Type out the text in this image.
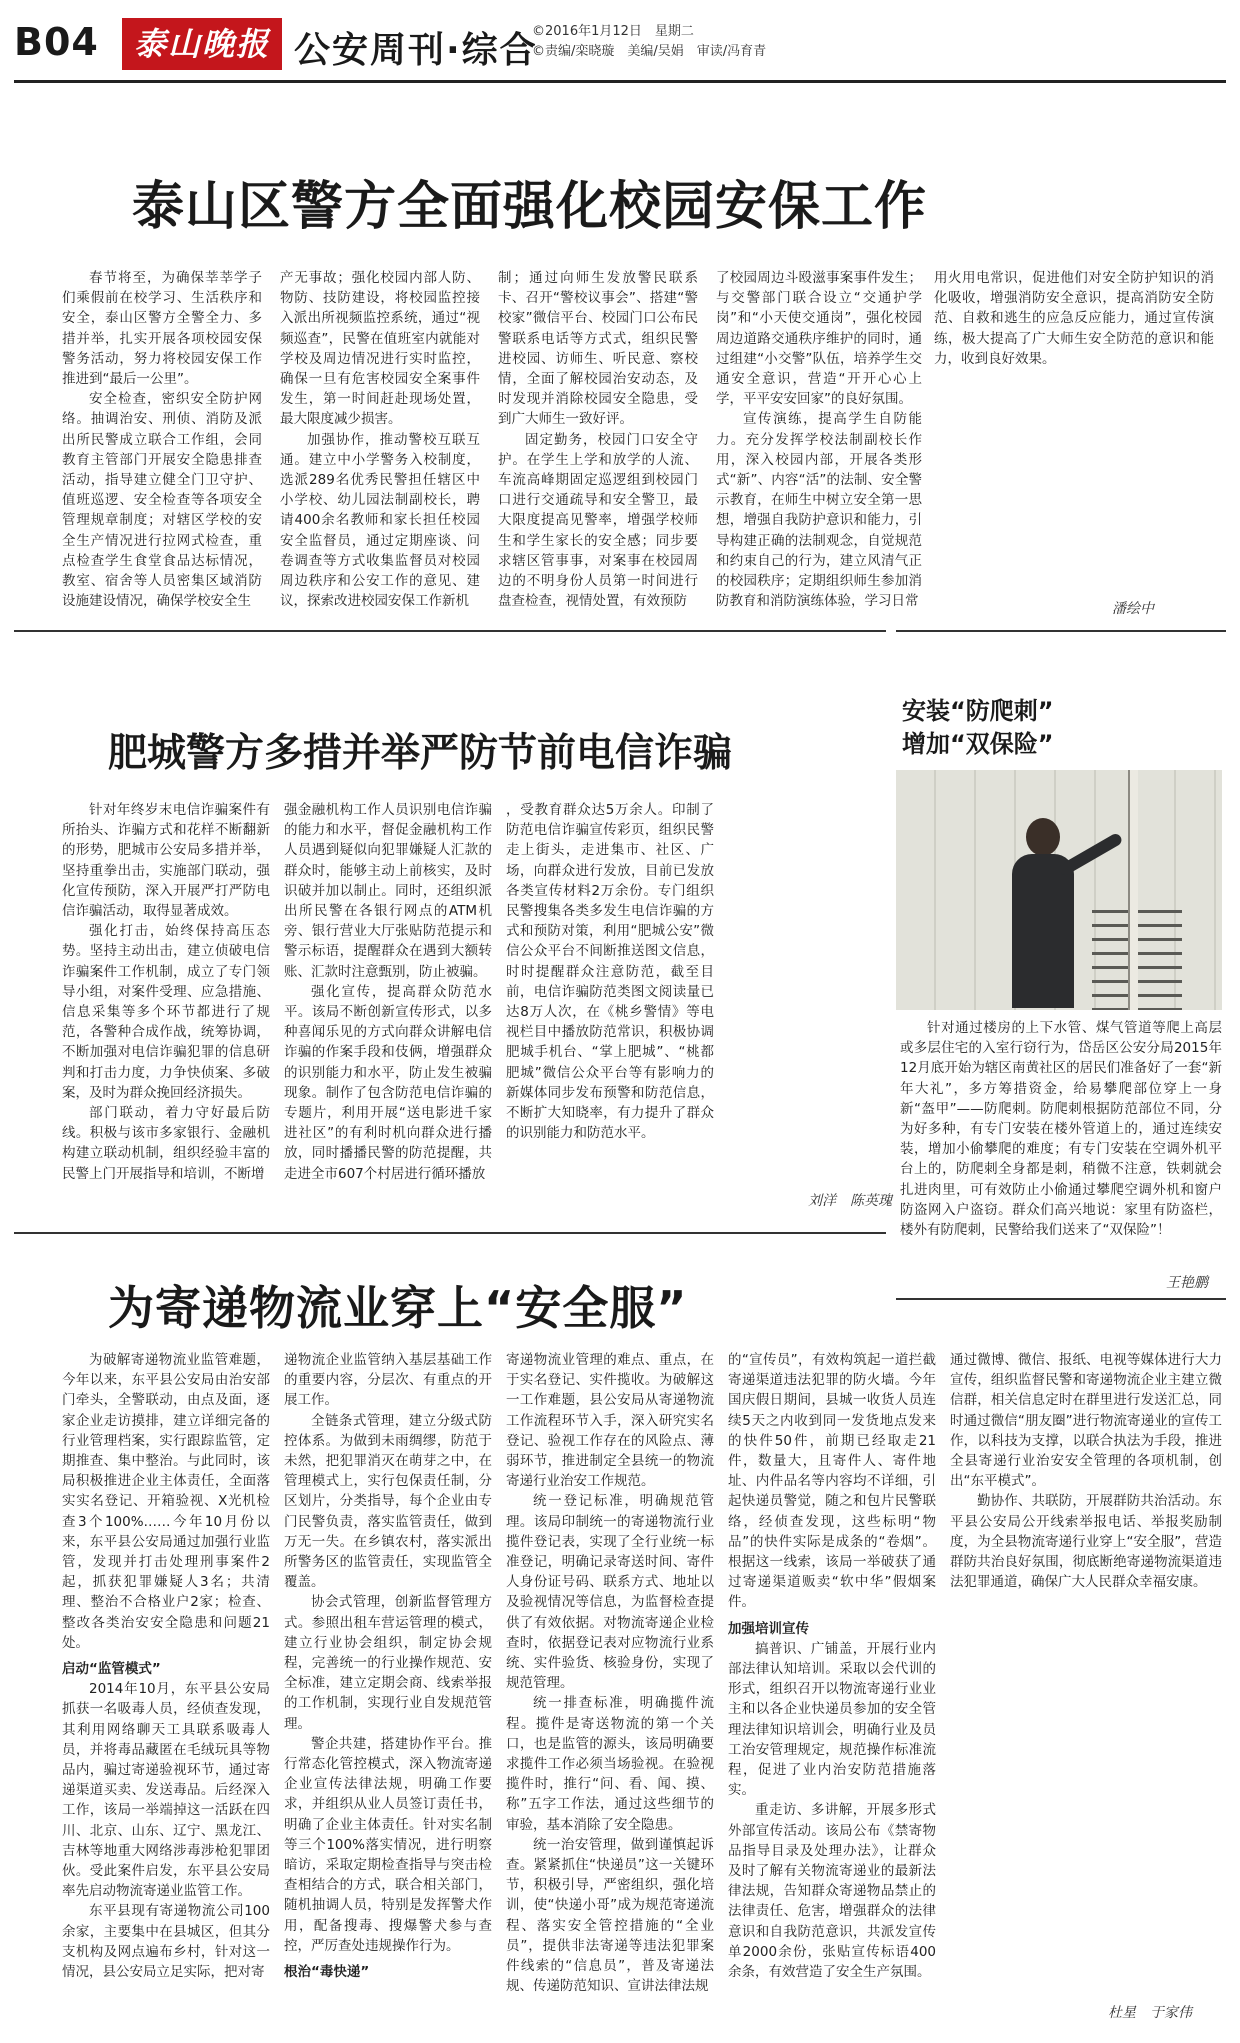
B04	泰山晚报 公安周刊·综合
©2016年1月12日　星期二
©责编/栾晓璇　美编/吴娟　审读/冯育青
泰山区警方全面强化校园安保工作

春节将至，为确保莘莘学子们乘假前在校学习、生活秩序和安全，泰山区警方全警全力、多措并举，扎实开展各项校园安保警务活动，努力将校园安保工作推进到“最后一公里”。

安全检查，密织安全防护网络。抽调治安、刑侦、消防及派出所民警成立联合工作组，会同教育主管部门开展安全隐患排查活动，指导建立健全门卫守护、值班巡逻、安全检查等各项安全管理规章制度；对辖区学校的安全生产情况进行拉网式检查，重点检查学生食堂食品达标情况，教室、宿舍等人员密集区域消防设施建设情况，确保学校安全生

产无事故；强化校园内部人防、物防、技防建设，将校园监控接入派出所视频监控系统，通过“视频巡查”，民警在值班室内就能对学校及周边情况进行实时监控，确保一旦有危害校园安全案事件发生，第一时间赶赴现场处置，最大限度减少损害。

加强协作，推动警校互联互通。建立中小学警务入校制度，选派289名优秀民警担任辖区中小学校、幼儿园法制副校长，聘请400余名教师和家长担任校园安全监督员，通过定期座谈、问卷调查等方式收集监督员对校园周边秩序和公安工作的意见、建议，探索改进校园安保工作新机

制；通过向师生发放警民联系卡、召开“警校议事会”、搭建“警校家”微信平台、校园门口公布民警联系电话等方式式，组织民警进校园、访师生、听民意、察校情，全面了解校园治安动态，及时发现并消除校园安全隐患，受到广大师生一致好评。

固定勤务，校园门口安全守护。在学生上学和放学的人流、车流高峰期固定巡逻组到校园门口进行交通疏导和安全警卫，最大限度提高见警率，增强学校师生和学生家长的安全感；同步要求辖区管事事，对案事在校园周边的不明身份人员第一时间进行盘查检查，视情处置，有效预防

了校园周边斗殴滋事案事件发生；与交警部门联合设立“交通护学岗”和“小天使交通岗”，强化校园周边道路交通秩序维护的同时，通过组建“小交警”队伍，培养学生交通安全意识，营造“开开心心上学，平平安安回家”的良好氛围。

宣传演练，提高学生自防能力。充分发挥学校法制副校长作用，深入校园内部，开展各类形式“新”、内容“活”的法制、安全警示教育，在师生中树立安全第一思想，增强自我防护意识和能力，引导构建正确的法制观念，自觉规范和约束自己的行为，建立风清气正的校园秩序；定期组织师生参加消防教育和消防演练体验，学习日常

用火用电常识，促进他们对安全防护知识的消化吸收，增强消防安全意识，提高消防安全防范、自救和逃生的应急反应能力，通过宣传演练，极大提高了广大师生安全防范的意识和能力，收到良好效果。

潘绘中
肥城警方多措并举严防节前电信诈骗

针对年终岁末电信诈骗案件有所抬头、诈骗方式和花样不断翻新的形势，肥城市公安局多措并举，坚持重拳出击，实施部门联动，强化宣传预防，深入开展严打严防电信诈骗活动，取得显著成效。

强化打击，始终保持高压态势。坚持主动出击，建立侦破电信诈骗案件工作机制，成立了专门领导小组，对案件受理、应急措施、信息采集等多个环节都进行了规范，各警种合成作战，统筹协调，不断加强对电信诈骗犯罪的信息研判和打击力度，力争快侦案、多破案，及时为群众挽回经济损失。

部门联动，着力守好最后防线。积极与该市多家银行、金融机构建立联动机制，组织经验丰富的民警上门开展指导和培训，不断增

强金融机构工作人员识别电信诈骗的能力和水平，督促金融机构工作人员遇到疑似向犯罪嫌疑人汇款的群众时，能够主动上前核实，及时识破并加以制止。同时，还组织派出所民警在各银行网点的ATM机旁、银行营业大厅张贴防范提示和警示标语，提醒群众在遇到大额转账、汇款时注意甄别，防止被骗。

强化宣传，提高群众防范水平。该局不断创新宣传形式，以多种喜闻乐见的方式向群众讲解电信诈骗的作案手段和伎俩，增强群众的识别能力和水平，防止发生被骗现象。制作了包含防范电信诈骗的专题片，利用开展“送电影进千家进社区”的有利时机向群众进行播放，同时播播民警的防范提醒，共走进全市607个村居进行循环播放

，受教育群众达5万余人。印制了防范电信诈骗宣传彩页，组织民警走上街头，走进集市、社区、广场，向群众进行发放，目前已发放各类宣传材料2万余份。专门组织民警搜集各类多发生电信诈骗的方式和预防对策，利用“肥城公安”微信公众平台不间断推送图文信息，时时提醒群众注意防范，截至目前，电信诈骗防范类图文阅读量已达8万人次，在《桃乡警情》等电视栏目中播放防范常识，积极协调肥城手机台、“掌上肥城”、“桃都肥城”微信公众平台等有影响力的新媒体同步发布预警和防范信息，不断扩大知晓率，有力提升了群众的识别能力和防范水平。

刘洋　陈英瑰
安装“防爬刺”
增加“双保险”

针对通过楼房的上下水管、煤气管道等爬上高层或多层住宅的入室行窃行为，岱岳区公安分局2015年12月底开始为辖区南黄社区的居民们准备好了一套“新年大礼”，多方筹措资金，给易攀爬部位穿上一身新“盔甲”——防爬刺。防爬刺根据防范部位不同，分为好多种，有专门安装在楼外管道上的，通过连续安装，增加小偷攀爬的难度；有专门安装在空调外机平台上的，防爬刺全身都是刺，稍微不注意，铁刺就会扎进肉里，可有效防止小偷通过攀爬空调外机和窗户防盗网入户盗窃。群众们高兴地说：家里有防盗栏，楼外有防爬刺，民警给我们送来了“双保险”！

王艳鹏
为寄递物流业穿上“安全服”

为破解寄递物流业监管难题，今年以来，东平县公安局由治安部门牵头，全警联动，由点及面，逐家企业走访摸排，建立详细完备的行业管理档案，实行跟踪监管，定期推查、集中整治。与此同时，该局积极推进企业主体责任，全面落实实名登记、开箱验视、X光机检查3个100%……今年10月份以来，东平县公安局通过加强行业监管，发现并打击处理刑事案件2起，抓获犯罪嫌疑人3名；共清理、整治不合格业户2家；检查、整改各类治安安全隐患和问题21处。

启动“监管模式”

2014年10月，东平县公安局抓获一名吸毒人员，经侦查发现，其利用网络聊天工具联系吸毒人员，并将毒品藏匿在毛绒玩具等物品内，骗过寄递验视环节，通过寄递渠道买卖、发送毒品。后经深入工作，该局一举端掉这一活跃在四川、北京、山东、辽宁、黑龙江、吉林等地重大网络涉毒涉枪犯罪团伙。受此案件启发，东平县公安局率先启动物流寄递业监管工作。

东平县现有寄递物流公司100余家，主要集中在县城区，但其分支机构及网点遍布乡村，针对这一情况，县公安局立足实际，把对寄

递物流企业监管纳入基层基础工作的重要内容，分层次、有重点的开展工作。

全链条式管理，建立分级式防控体系。为做到未雨绸缪，防范于未然，把犯罪消灭在萌芽之中，在管理模式上，实行包保责任制，分区划片，分类指导，每个企业由专门民警负责，落实监管责任，做到万无一失。在乡镇农村，落实派出所警务区的监管责任，实现监管全覆盖。

协会式管理，创新监督管理方式。参照出租车营运管理的模式，建立行业协会组织，制定协会规程，完善统一的行业操作规范、安全标准，建立定期会商、线索举报的工作机制，实现行业自发规范管理。

警企共建，搭建协作平台。推行常态化管控模式，深入物流寄递企业宣传法律法规，明确工作要求，并组织从业人员签订责任书，明确了企业主体责任。针对实名制等三个100%落实情况，进行明察暗访，采取定期检查指导与突击检查相结合的方式，联合相关部门，随机抽调人员，特别是发挥警犬作用，配备搜毒、搜爆警犬参与查控，严厉查处违规操作行为。

根治“毒快递”

寄递物流业管理的难点、重点，在于实名登记、实件揽收。为破解这一工作难题，县公安局从寄递物流工作流程环节入手，深入研究实名登记、验视工作存在的风险点、薄弱环节，推进制定全县统一的物流寄递行业治安工作规范。

统一登记标准，明确规范管理。该局印制统一的寄递物流行业揽件登记表，实现了全行业统一标准登记，明确记录寄送时间、寄件人身份证号码、联系方式、地址以及验视情况等信息，为监督检查提供了有效依据。对物流寄递企业检查时，依据登记表对应物流行业系统、实件验货、核验身份，实现了规范管理。

统一排查标准，明确揽件流程。揽件是寄送物流的第一个关口，也是监管的源头，该局明确要求揽件工作必须当场验视。在验视揽件时，推行“问、看、闻、摸、称”五字工作法，通过这些细节的审验，基本消除了安全隐患。

统一治安管理，做到谨慎起诉查。紧紧抓住“快递员”这一关键环节，积极引导，严密组织，强化培训，使“快递小哥”成为规范寄递流程、落实安全管控措施的“全业员”，提供非法寄递等违法犯罪案件线索的“信息员”，普及寄递法规、传递防范知识、宣讲法律法规

的“宣传员”，有效构筑起一道拦截寄递渠道违法犯罪的防火墙。今年国庆假日期间，县城一收货人员连续5天之内收到同一发货地点发来的快件50件，前期已经取走21件，数量大，且寄件人、寄件地址、内件品名等内容均不详细，引起快递员警觉，随之和包片民警联络，经侦查发现，这些标明“物品”的快件实际是成条的“卷烟”。根据这一线索，该局一举破获了通过寄递渠道贩卖“软中华”假烟案件。

加强培训宣传

搞普识、广铺盖，开展行业内部法律认知培训。采取以会代训的形式，组织召开以物流寄递行业业主和以各企业快递员参加的安全管理法律知识培训会，明确行业及员工治安管理规定，规范操作标准流程，促进了业内治安防范措施落实。

重走访、多讲解，开展多形式外部宣传活动。该局公布《禁寄物品指导目录及处理办法》，让群众及时了解有关物流寄递业的最新法律法规，告知群众寄递物品禁止的法律责任、危害，增强群众的法律意识和自我防范意识，共派发宣传单2000余份，张贴宣传标语400余条，有效营造了安全生产氛围。

通过微博、微信、报纸、电视等媒体进行大力宣传，组织监督民警和寄递物流企业主建立微信群，相关信息定时在群里进行发送汇总，同时通过微信“朋友圈”进行物流寄递业的宣传工作，以科技为支撑，以联合执法为手段，推进全县寄递行业治安安全管理的各项机制，创出“东平模式”。

勤协作、共联防，开展群防共治活动。东平县公安局公开线索举报电话、举报奖励制度，为全县物流寄递行业穿上“安全服”，营造群防共治良好氛围，彻底断绝寄递物流渠道违法犯罪通道，确保广大人民群众幸福安康。

杜星　于家伟
